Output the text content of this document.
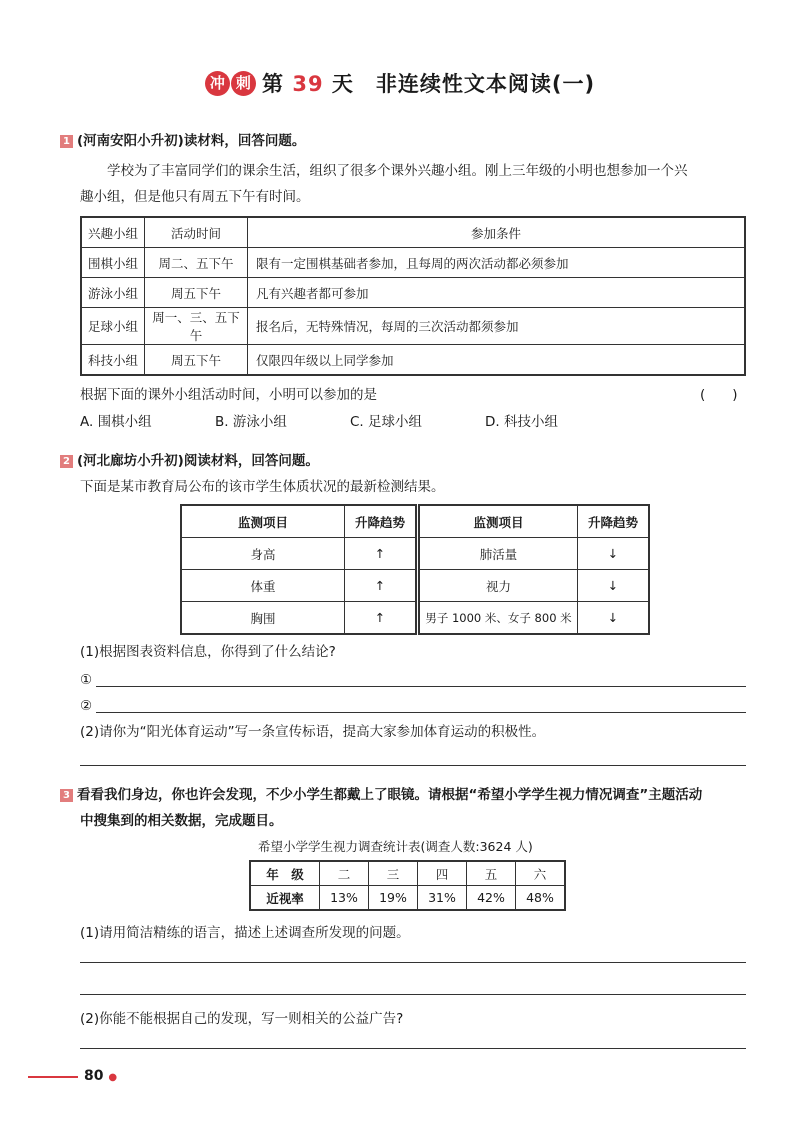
冲 刺 第 39 天 非连续性文本阅读(一)
1 (河南安阳小升初)读材料，回答问题。
学校为了丰富同学们的课余生活，组织了很多个课外兴趣小组。刚上三年级的小明也想参加一个兴
趣小组，但是他只有周五下午有时间。
兴趣小组	活动时间	参加条件
围棋小组	周二、五下午	限有一定围棋基础者参加，且每周的两次活动都必须参加
游泳小组	周五下午	凡有兴趣者都可参加
足球小组	周一、三、五下午	报名后，无特殊情况，每周的三次活动都须参加
科技小组	周五下午	仅限四年级以上同学参加
根据下面的课外小组活动时间，小明可以参加的是	(　　)
A. 围棋小组	B. 游泳小组	C. 足球小组	D. 科技小组
2 (河北廊坊小升初)阅读材料，回答问题。
下面是某市教育局公布的该市学生体质状况的最新检测结果。
监测项目	升降趋势
身高	↑
体重	↑
胸围	↑
监测项目	升降趋势
肺活量	↓
视力	↓
男子 1000 米、女子 800 米	↓
(1)根据图表资料信息，你得到了什么结论?
①
②
(2)请你为“阳光体育运动”写一条宣传标语，提高大家参加体育运动的积极性。
3 看看我们身边，你也许会发现，不少小学生都戴上了眼镜。请根据“希望小学学生视力情况调查”主题活动
中搜集到的相关数据，完成题目。
希望小学学生视力调查统计表(调查人数:3624 人)
年　级	二	三	四	五	六
近视率	13%	19%	31%	42%	48%
(1)请用简洁精练的语言，描述上述调查所发现的问题。
(2)你能不能根据自己的发现，写一则相关的公益广告?
80 ●
